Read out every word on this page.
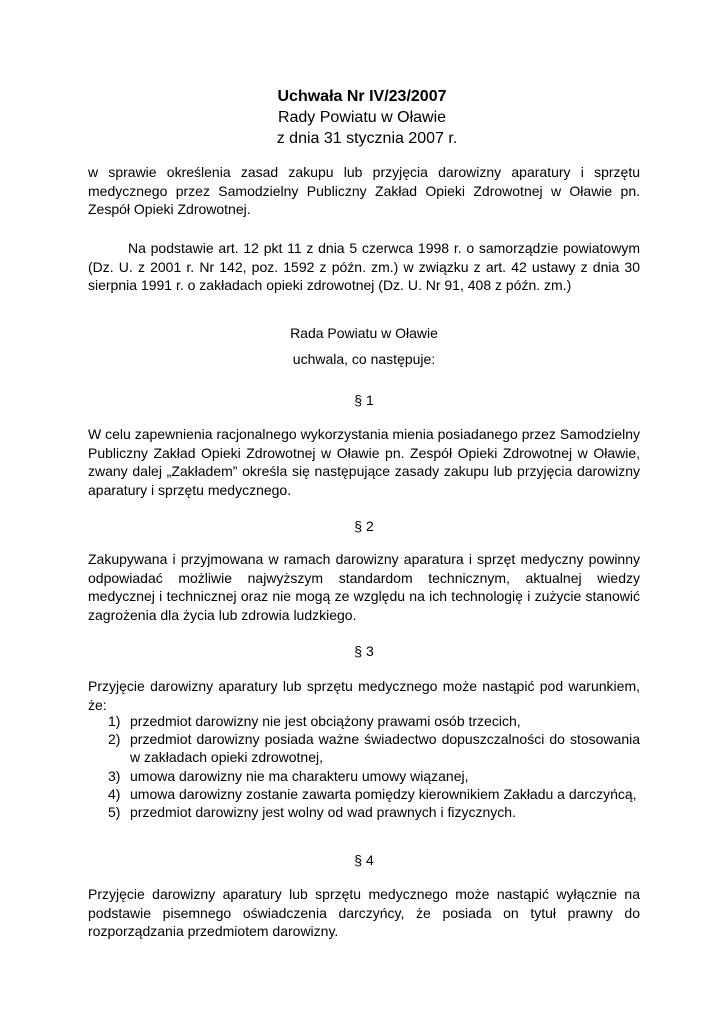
Uchwała Nr IV/23/2007
Rady Powiatu w Oławie
z dnia 31 stycznia 2007 r.

w sprawie określenia zasad zakupu lub przyjęcia darowizny aparatury i sprzętu medycznego przez Samodzielny Publiczny Zakład Opieki Zdrowotnej w Oławie pn. Zespół Opieki Zdrowotnej.

Na podstawie art. 12 pkt 11 z dnia 5 czerwca 1998 r. o samorządzie powiatowym (Dz. U. z 2001 r. Nr 142, poz. 1592 z późn. zm.) w związku z art. 42 ustawy z dnia 30 sierpnia 1991 r. o zakładach opieki zdrowotnej (Dz. U. Nr 91, 408 z późn. zm.)

Rada Powiatu w Oławie

uchwala, co następuje:

§ 1

W celu zapewnienia racjonalnego wykorzystania mienia posiadanego przez Samodzielny Publiczny Zakład Opieki Zdrowotnej w Oławie pn. Zespół Opieki Zdrowotnej w Oławie, zwany dalej „Zakładem” określa się następujące zasady zakupu lub przyjęcia darowizny aparatury i sprzętu medycznego.

§ 2

Zakupywana i przyjmowana w ramach darowizny aparatura i sprzęt medyczny powinny odpowiadać możliwie najwyższym standardom technicznym, aktualnej wiedzy medycznej i technicznej oraz nie mogą ze względu na ich technologię i zużycie stanowić zagrożenia dla życia lub zdrowia ludzkiego.

§ 3

Przyjęcie darowizny aparatury lub sprzętu medycznego może nastąpić pod warunkiem, że:

1) przedmiot darowizny nie jest obciążony prawami osób trzecich,
2) przedmiot darowizny posiada ważne świadectwo dopuszczalności do stosowania w zakładach opieki zdrowotnej,
3) umowa darowizny nie ma charakteru umowy wiązanej,
4) umowa darowizny zostanie zawarta pomiędzy kierownikiem Zakładu a darczyńcą,
5) przedmiot darowizny jest wolny od wad prawnych i fizycznych.

§ 4

Przyjęcie darowizny aparatury lub sprzętu medycznego może nastąpić wyłącznie na podstawie pisemnego oświadczenia darczyńcy, że posiada on tytuł prawny do rozporządzania przedmiotem darowizny.
